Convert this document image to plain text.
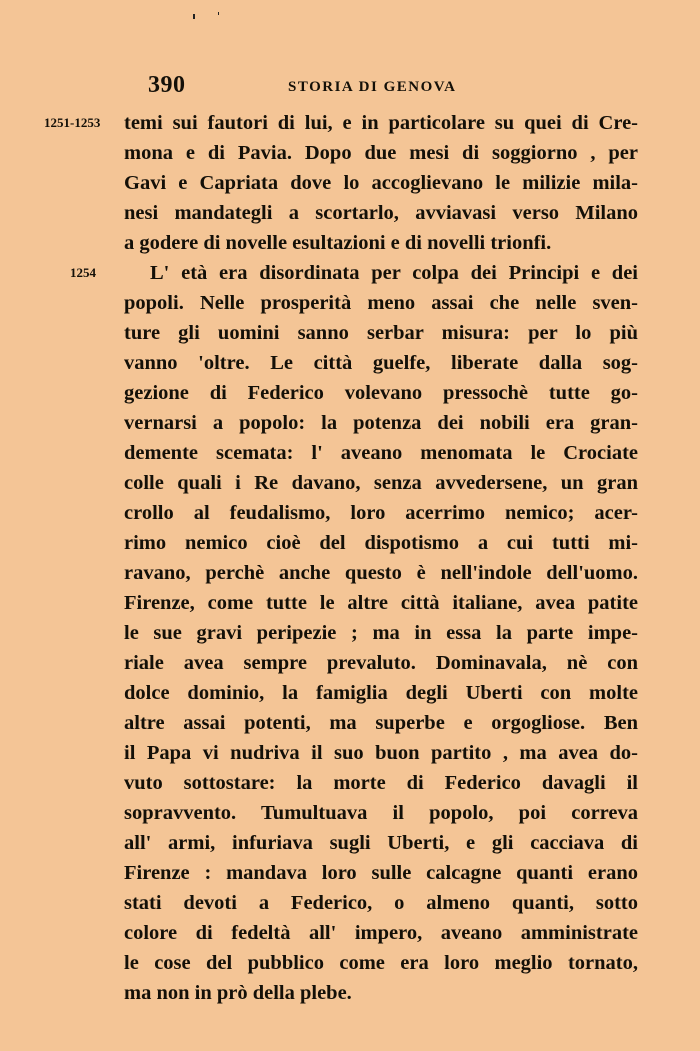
390	STORIA DI GENOVA
1251-1253
1254
temi sui fautori di lui, e in particolare su quei di Cre-
mona e di Pavia. Dopo due mesi di soggiorno , per
Gavi e Capriata dove lo accoglievano le milizie mila-
nesi mandategli a scortarlo, avviavasi verso Milano
a godere di novelle esultazioni e di novelli trionfi.
L' età era disordinata per colpa dei Principi e dei
popoli. Nelle prosperità meno assai che nelle sven-
ture gli uomini sanno serbar misura: per lo più
vanno 'oltre. Le città guelfe, liberate dalla sog-
gezione di Federico volevano pressochè tutte go-
vernarsi a popolo: la potenza dei nobili era gran-
demente scemata: l' aveano menomata le Crociate
colle quali i Re davano, senza avvedersene, un gran
crollo al feudalismo, loro acerrimo nemico; acer-
rimo nemico cioè del dispotismo a cui tutti mi-
ravano, perchè anche questo è nell'indole dell'uomo.
Firenze, come tutte le altre città italiane, avea patite
le sue gravi peripezie ; ma in essa la parte impe-
riale avea sempre prevaluto. Dominavala, nè con
dolce dominio, la famiglia degli Uberti con molte
altre assai potenti, ma superbe e orgogliose. Ben
il Papa vi nudriva il suo buon partito , ma avea do-
vuto sottostare: la morte di Federico davagli il
sopravvento. Tumultuava il popolo, poi correva
all' armi, infuriava sugli Uberti, e gli cacciava di
Firenze : mandava loro sulle calcagne quanti erano
stati devoti a Federico, o almeno quanti, sotto
colore di fedeltà all' impero, aveano amministrate
le cose del pubblico come era loro meglio tornato,
ma non in prò della plebe.
